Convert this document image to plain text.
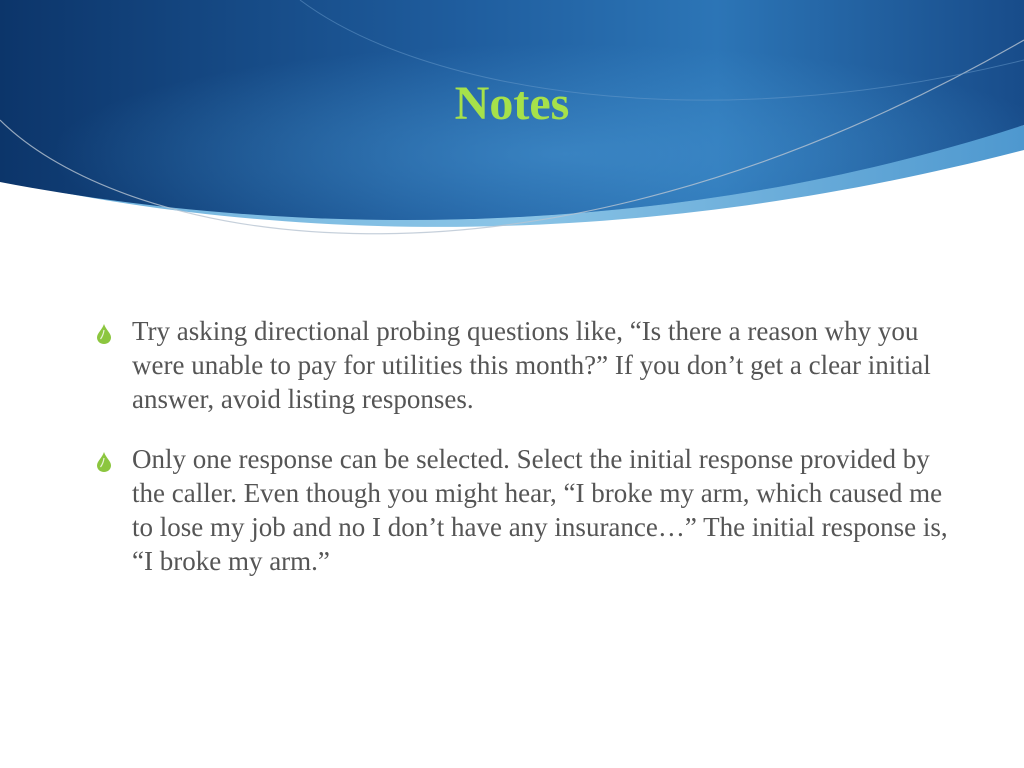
Notes
Try asking directional probing questions like, “Is there a reason why you were unable to pay for utilities this month?” If you don’t get a clear initial answer, avoid listing responses.
Only one response can be selected. Select the initial response provided by the caller. Even though you might hear, “I broke my arm, which caused me to lose my job and no I don’t have any insurance…” The initial response is, “I broke my arm.”
